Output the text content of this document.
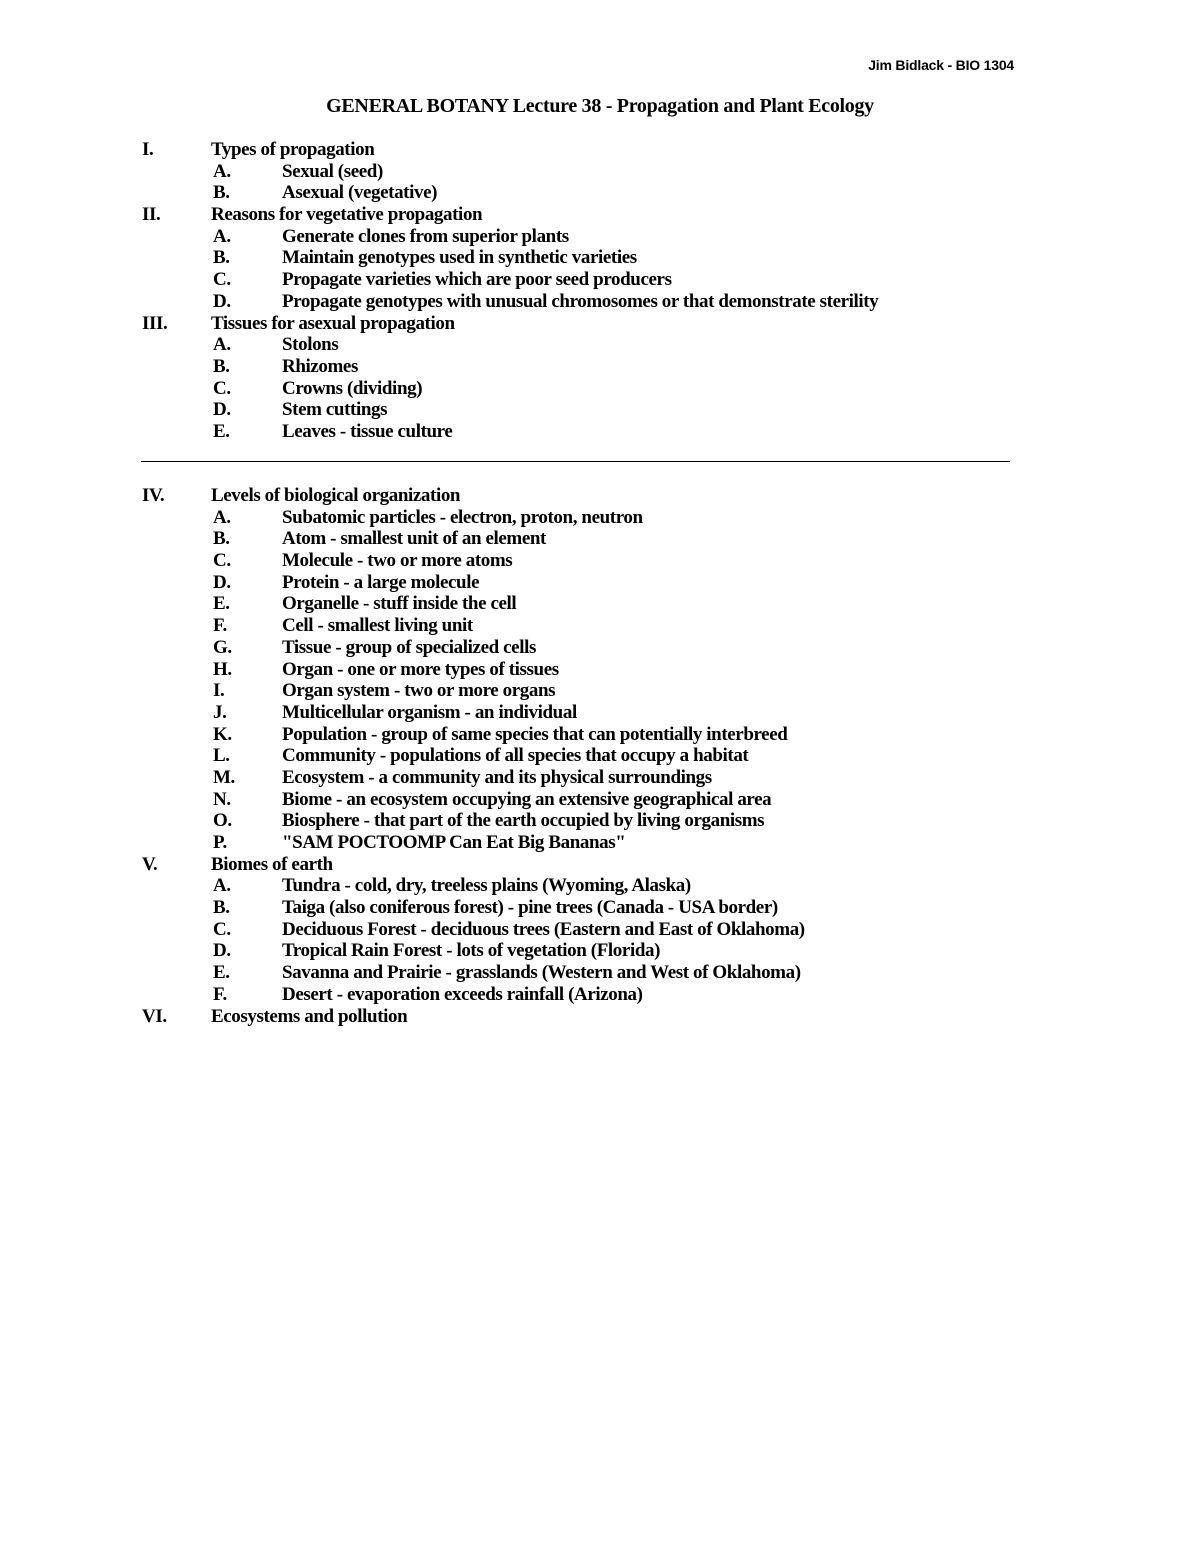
Jim Bidlack - BIO 1304
GENERAL BOTANY Lecture 38 - Propagation and Plant Ecology
I.	Types of propagation
A.	Sexual (seed)
B.	Asexual (vegetative)
II.	Reasons for vegetative propagation
A.	Generate clones from superior plants
B.	Maintain genotypes used in synthetic varieties
C.	Propagate varieties which are poor seed producers
D.	Propagate genotypes with unusual chromosomes or that demonstrate sterility
III. Tissues for asexual propagation
A.	Stolons
B.	Rhizomes
C.	Crowns (dividing)
D.	Stem cuttings
E.	Leaves - tissue culture
IV. Levels of biological organization
A.	Subatomic particles - electron, proton, neutron
B.	Atom - smallest unit of an element
C.	Molecule - two or more atoms
D.	Protein - a large molecule
E.	Organelle - stuff inside the cell
F.	Cell - smallest living unit
G.	Tissue - group of specialized cells
H.	Organ - one or more types of tissues
I.	Organ system - two or more organs
J.	Multicellular organism - an individual
K.	Population - group of same species that can potentially interbreed
L.	Community - populations of all species that occupy a habitat
M. Ecosystem - a community and its physical surroundings
N.	Biome - an ecosystem occupying an extensive geographical area
O.	Biosphere - that part of the earth occupied by living organisms
P.	"SAM POCTOOMP Can Eat Big Bananas"
V.	Biomes of earth
A.	Tundra - cold, dry, treeless plains (Wyoming, Alaska)
B.	Taiga (also coniferous forest) - pine trees (Canada - USA border)
C.	Deciduous Forest - deciduous trees (Eastern and East of Oklahoma)
D.	Tropical Rain Forest - lots of vegetation (Florida)
E.	Savanna and Prairie - grasslands (Western and West of Oklahoma)
F.	Desert - evaporation exceeds rainfall (Arizona)
VI. Ecosystems and pollution
